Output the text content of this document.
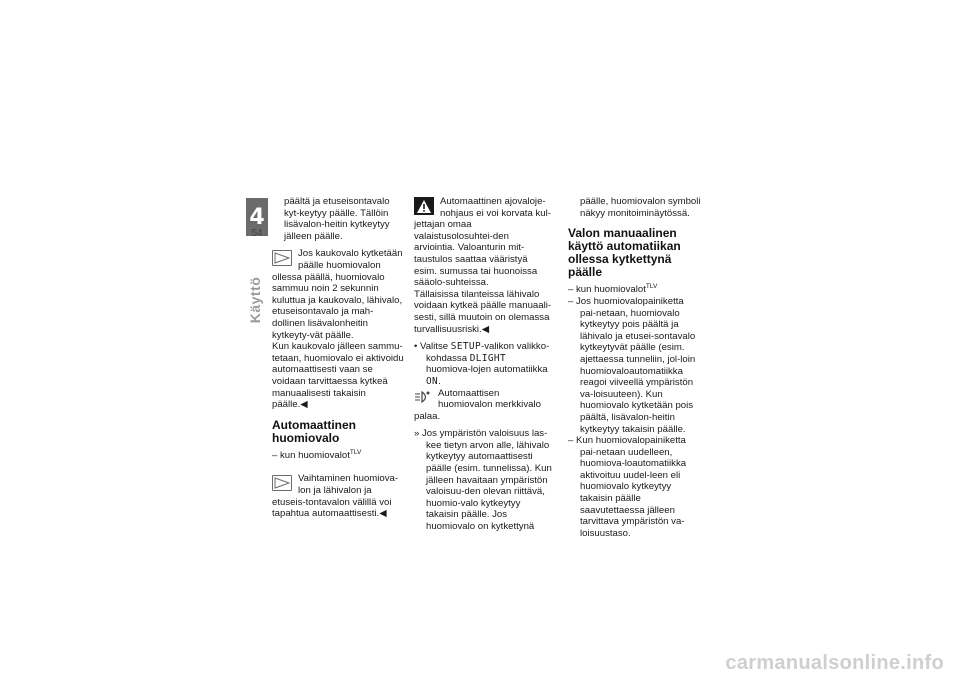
4
54
Käyttö

päältä ja etuseisontavalo kyt-keytyy päälle. Tällöin lisävalon-heitin kytkeytyy jälleen päälle.

Jos kaukovalo kytketään päälle huomiovalon ollessa päällä, huomiovalo sammuu noin 2 sekunnin kuluttua ja kaukovalo, lähivalo, etuseisontavalo ja mah-dollinen lisävalonheitin kytkeyty-vät päälle.

Kun kaukovalo jälleen sammu-tetaan, huomiovalo ei aktivoidu automaattisesti vaan se voidaan tarvittaessa kytkeä manuaalisesti takaisin päälle.◀

Automaattinen huomiovalo

– kun huomiovalot$^{TLV}$

Vaihtaminen huomiova-lon ja lähivalon ja etuseis-tontavalon välillä voi tapahtua automaattisesti.◀

Automaattinen ajovaloje-nohjaus ei voi korvata kul-jettajan omaa valaistusolosuhtei-den arviointia. Valoanturin mit-taustulos saattaa vääristyä esim. sumussa tai huonoissa sääolo-suhteissa.

Tällaisissa tilanteissa lähivalo voidaan kytkeä päälle manuaali-sesti, sillä muutoin on olemassa turvallisuusriski.◀

• Valitse SETUP-valikon valikko-kohdassa DLIGHT huomiova-lojen automatiikka ON.

Automaattisen huomiovalon merkkivalo palaa.

» Jos ympäristön valoisuus las-kee tietyn arvon alle, lähivalo kytkeytyy automaattisesti päälle (esim. tunnelissa). Kun jälleen havaitaan ympäristön valoisuu-den olevan riittävä, huomio-valo kytkeytyy takaisin päälle. Jos huomiovalo on kytkettynä

päälle, huomiovalon symboli näkyy monitoiminäytössä.

Valon manuaalinen käyttö automatiikan ollessa kytkettynä päälle

– kun huomiovalot$^{TLV}$

– Jos huomiovalopainiketta pai-netaan, huomiovalo kytkeytyy pois päältä ja lähivalo ja etusei-sontavalo kytkeytyvät päälle (esim. ajettaessa tunneliin, jol-loin huomiovaloautomatiikka reagoi viiveellä ympäristön va-loisuuteen). Kun huomiovalo kytketään pois päältä, lisävalon-heitin kytkeytyy takaisin päälle.

– Kun huomiovalopainiketta pai-netaan uudelleen, huomiova-loautomatiikka aktivoituu uudel-leen eli huomiovalo kytkeytyy takaisin päälle saavutettaessa jälleen tarvittava ympäristön va-loisuustaso.

carmanualsonline.info
